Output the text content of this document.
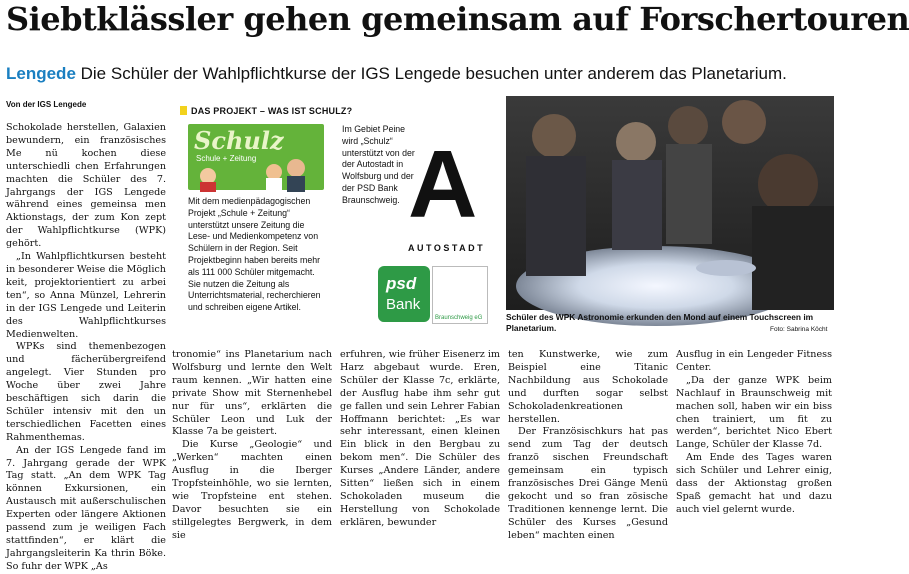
Siebtklässler gehen gemeinsam auf Forschertouren
Lengede Die Schüler der Wahlpflichtkurse der IGS Lengede besuchen unter anderem das Planetarium.
Von der IGS Lengede

Schokolade herstellen, Galaxien bewundern, ein französisches Me nü kochen diese unterschiedli chen Erfahrungen machten die Schüler des 7. Jahrgangs der IGS Lengede während eines gemeinsa men Aktionstags, der zum Kon zept der Wahlpflichtkurse (WPK) gehört.

„In Wahlpflichtkursen besteht in besonderer Weise die Möglich keit, projektorientiert zu arbei ten“, so Anna Münzel, Lehrerin in der IGS Lengede und Leiterin des Wahlpflichtkurses Medienwelten.

WPKs sind themenbezogen und fächerübergreifend angelegt. Vier Stunden pro Woche über zwei Jahre beschäftigen sich darin die Schüler intensiv mit den un terschiedlichen Facetten eines Rahmenthemas.

An der IGS Lengede fand im 7. Jahrgang gerade der WPK Tag statt. „An dem WPK Tag können Exkursionen, ein Austausch mit außerschulischen Experten oder längere Aktionen passend zum je weiligen Fach stattfinden“, er klärt die Jahrgangsleiterin Ka thrin Böke. So fuhr der WPK „As

DAS PROJEKT – WAS IST SCHULZ?
Schulz
Schule + Zeitung
Mit dem medienpädagogischen Projekt „Schule + Zeitung“ unterstützt unsere Zeitung die Lese- und Medienkompetenz von Schülern in der Region. Seit Projektbeginn haben bereits mehr als 111 000 Schüler mitgemacht. Sie nutzen die Zeitung als Unterrichtsmaterial, recherchieren und schreiben eigene Artikel.
Im Gebiet Peine wird „Schulz“ unterstützt von der der Autostadt in Wolfsburg und der der PSD Bank Braunschweig. A
AUTOSTADT
psd
Bank
Braunschweig eG	Schüler des WPK Astronomie erkunden den Mond auf einem Touchscreen im Planetarium.	Foto: Sabrina Köcht

tronomie“ ins Planetarium nach Wolfsburg und lernte den Welt raum kennen. „Wir hatten eine private Show mit Sternenhebel nur für uns“, erklärten die Schüler Leon und Luk der Klasse 7a be geistert.

Die Kurse „Geologie“ und „Werken“ machten einen Ausflug in die Iberger Tropfsteinhöhle, wo sie lernten, wie Tropfsteine ent stehen. Davor besuchten sie ein stillgelegtes Bergwerk, in dem sie

erfuhren, wie früher Eisenerz im Harz abgebaut wurde. Eren, Schüler der Klasse 7c, erklärte, der Ausflug habe ihm sehr gut ge fallen und sein Lehrer Fabian Hoffmann berichtet: „Es war sehr interessant, einen kleinen Ein blick in den Bergbau zu bekom men“. Die Schüler des Kurses „Andere Länder, andere Sitten“ ließen sich in einem Schokoladen museum die Herstellung von Schokolade erklären, bewunder

ten Kunstwerke, wie zum Beispiel eine Titanic Nachbildung aus Schokolade und durften sogar selbst Schokoladenkreationen herstellen.

Der Französischkurs hat pas send zum Tag der deutsch franzö sischen Freundschaft gemeinsam ein typisch französisches Drei Gänge Menü gekocht und so fran zösische Traditionen kennenge lernt. Die Schüler des Kurses „Gesund leben“ machten einen

Ausflug in ein Lengeder Fitness Center.

„Da der ganze WPK beim Nachlauf in Braunschweig mit machen soll, haben wir ein biss chen trainiert, um fit zu werden“, berichtet Nico Ebert Lange, Schüler der Klasse 7d.

Am Ende des Tages waren sich Schüler und Lehrer einig, dass der Aktionstag großen Spaß gemacht hat und dazu auch viel gelernt wurde.
